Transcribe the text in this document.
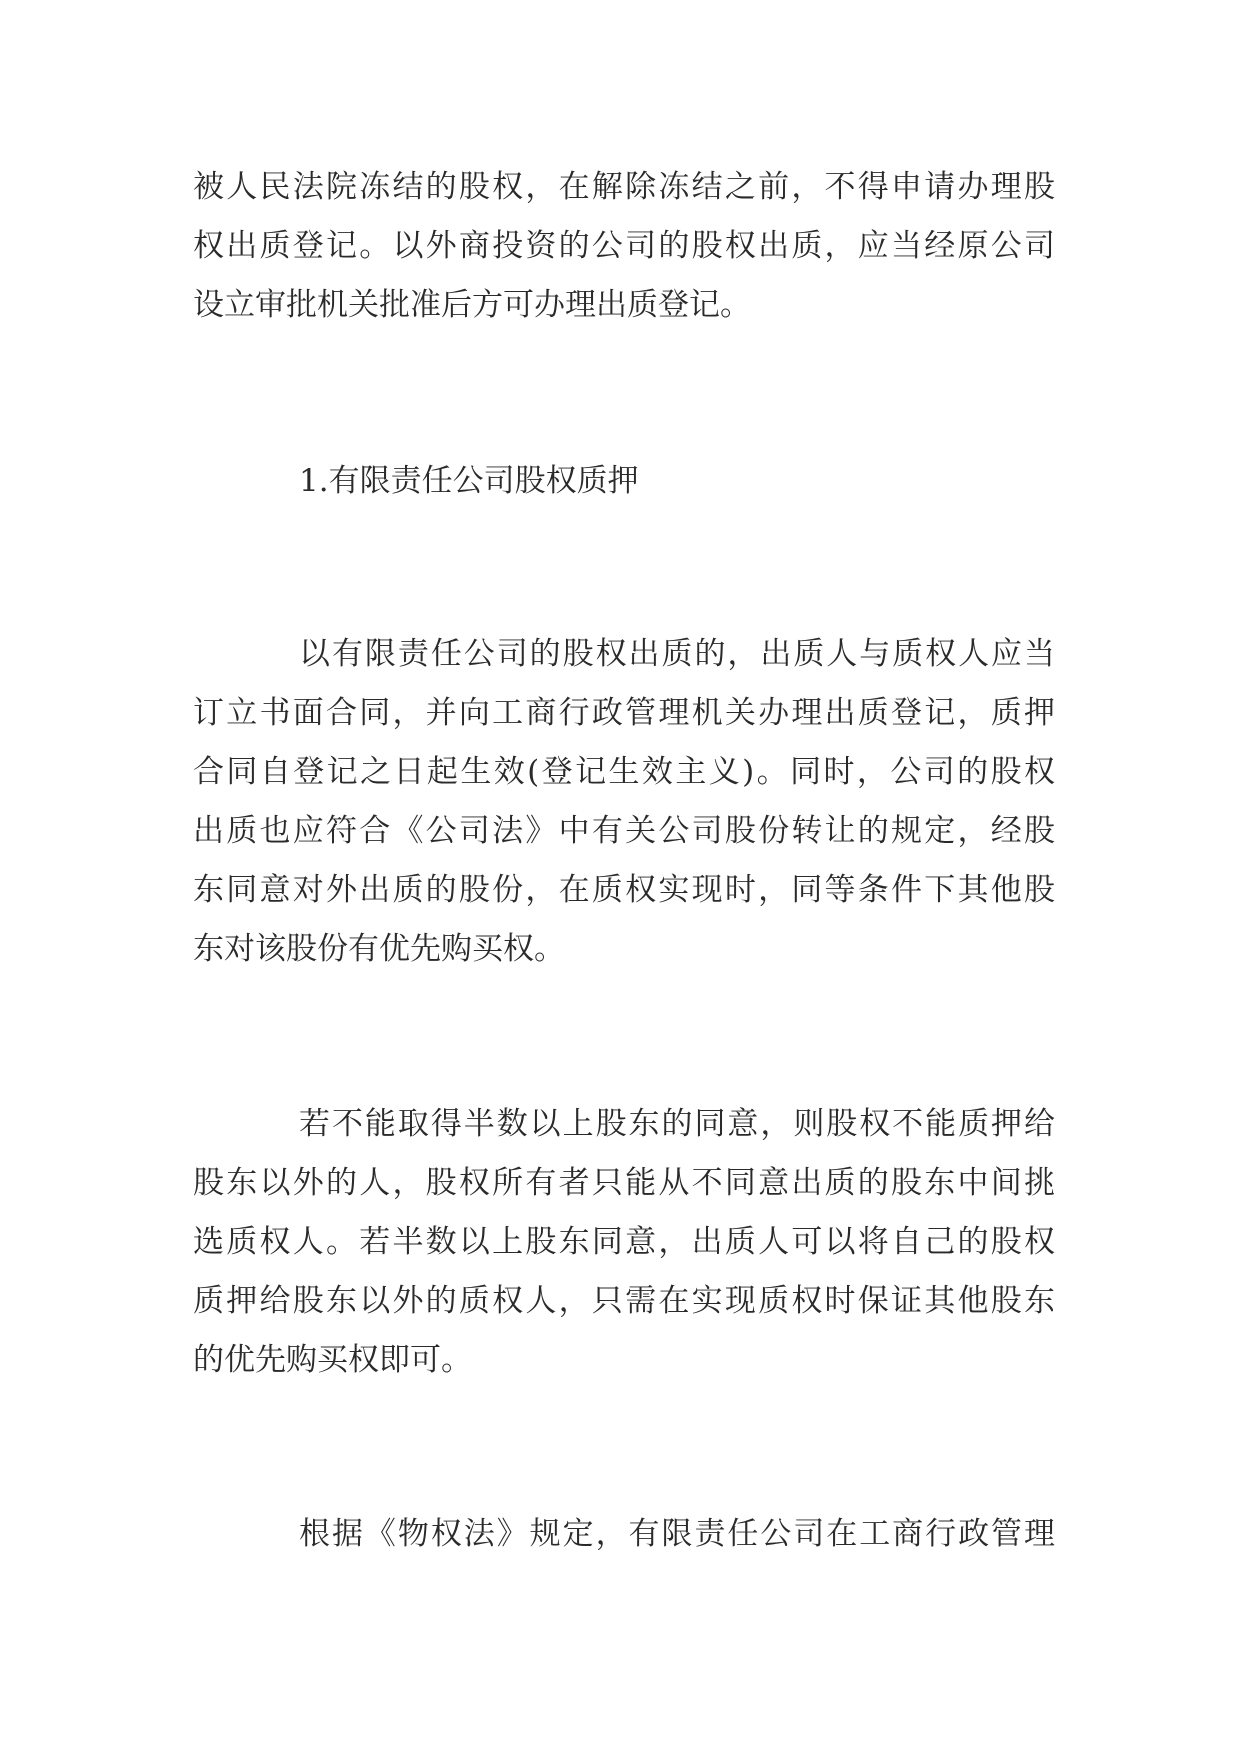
被人民法院冻结的股权，在解除冻结之前，不得申请办理股
权出质登记。以外商投资的公司的股权出质，应当经原公司
设立审批机关批准后方可办理出质登记。
1.有限责任公司股权质押
以有限责任公司的股权出质的，出质人与质权人应当
订立书面合同，并向工商行政管理机关办理出质登记，质押
合同自登记之日起生效(登记生效主义)。同时，公司的股权
出质也应符合《公司法》中有关公司股份转让的规定，经股
东同意对外出质的股份，在质权实现时，同等条件下其他股
东对该股份有优先购买权。
若不能取得半数以上股东的同意，则股权不能质押给
股东以外的人，股权所有者只能从不同意出质的股东中间挑
选质权人。若半数以上股东同意，出质人可以将自己的股权
质押给股东以外的质权人，只需在实现质权时保证其他股东
的优先购买权即可。
根据《物权法》规定，有限责任公司在工商行政管理
